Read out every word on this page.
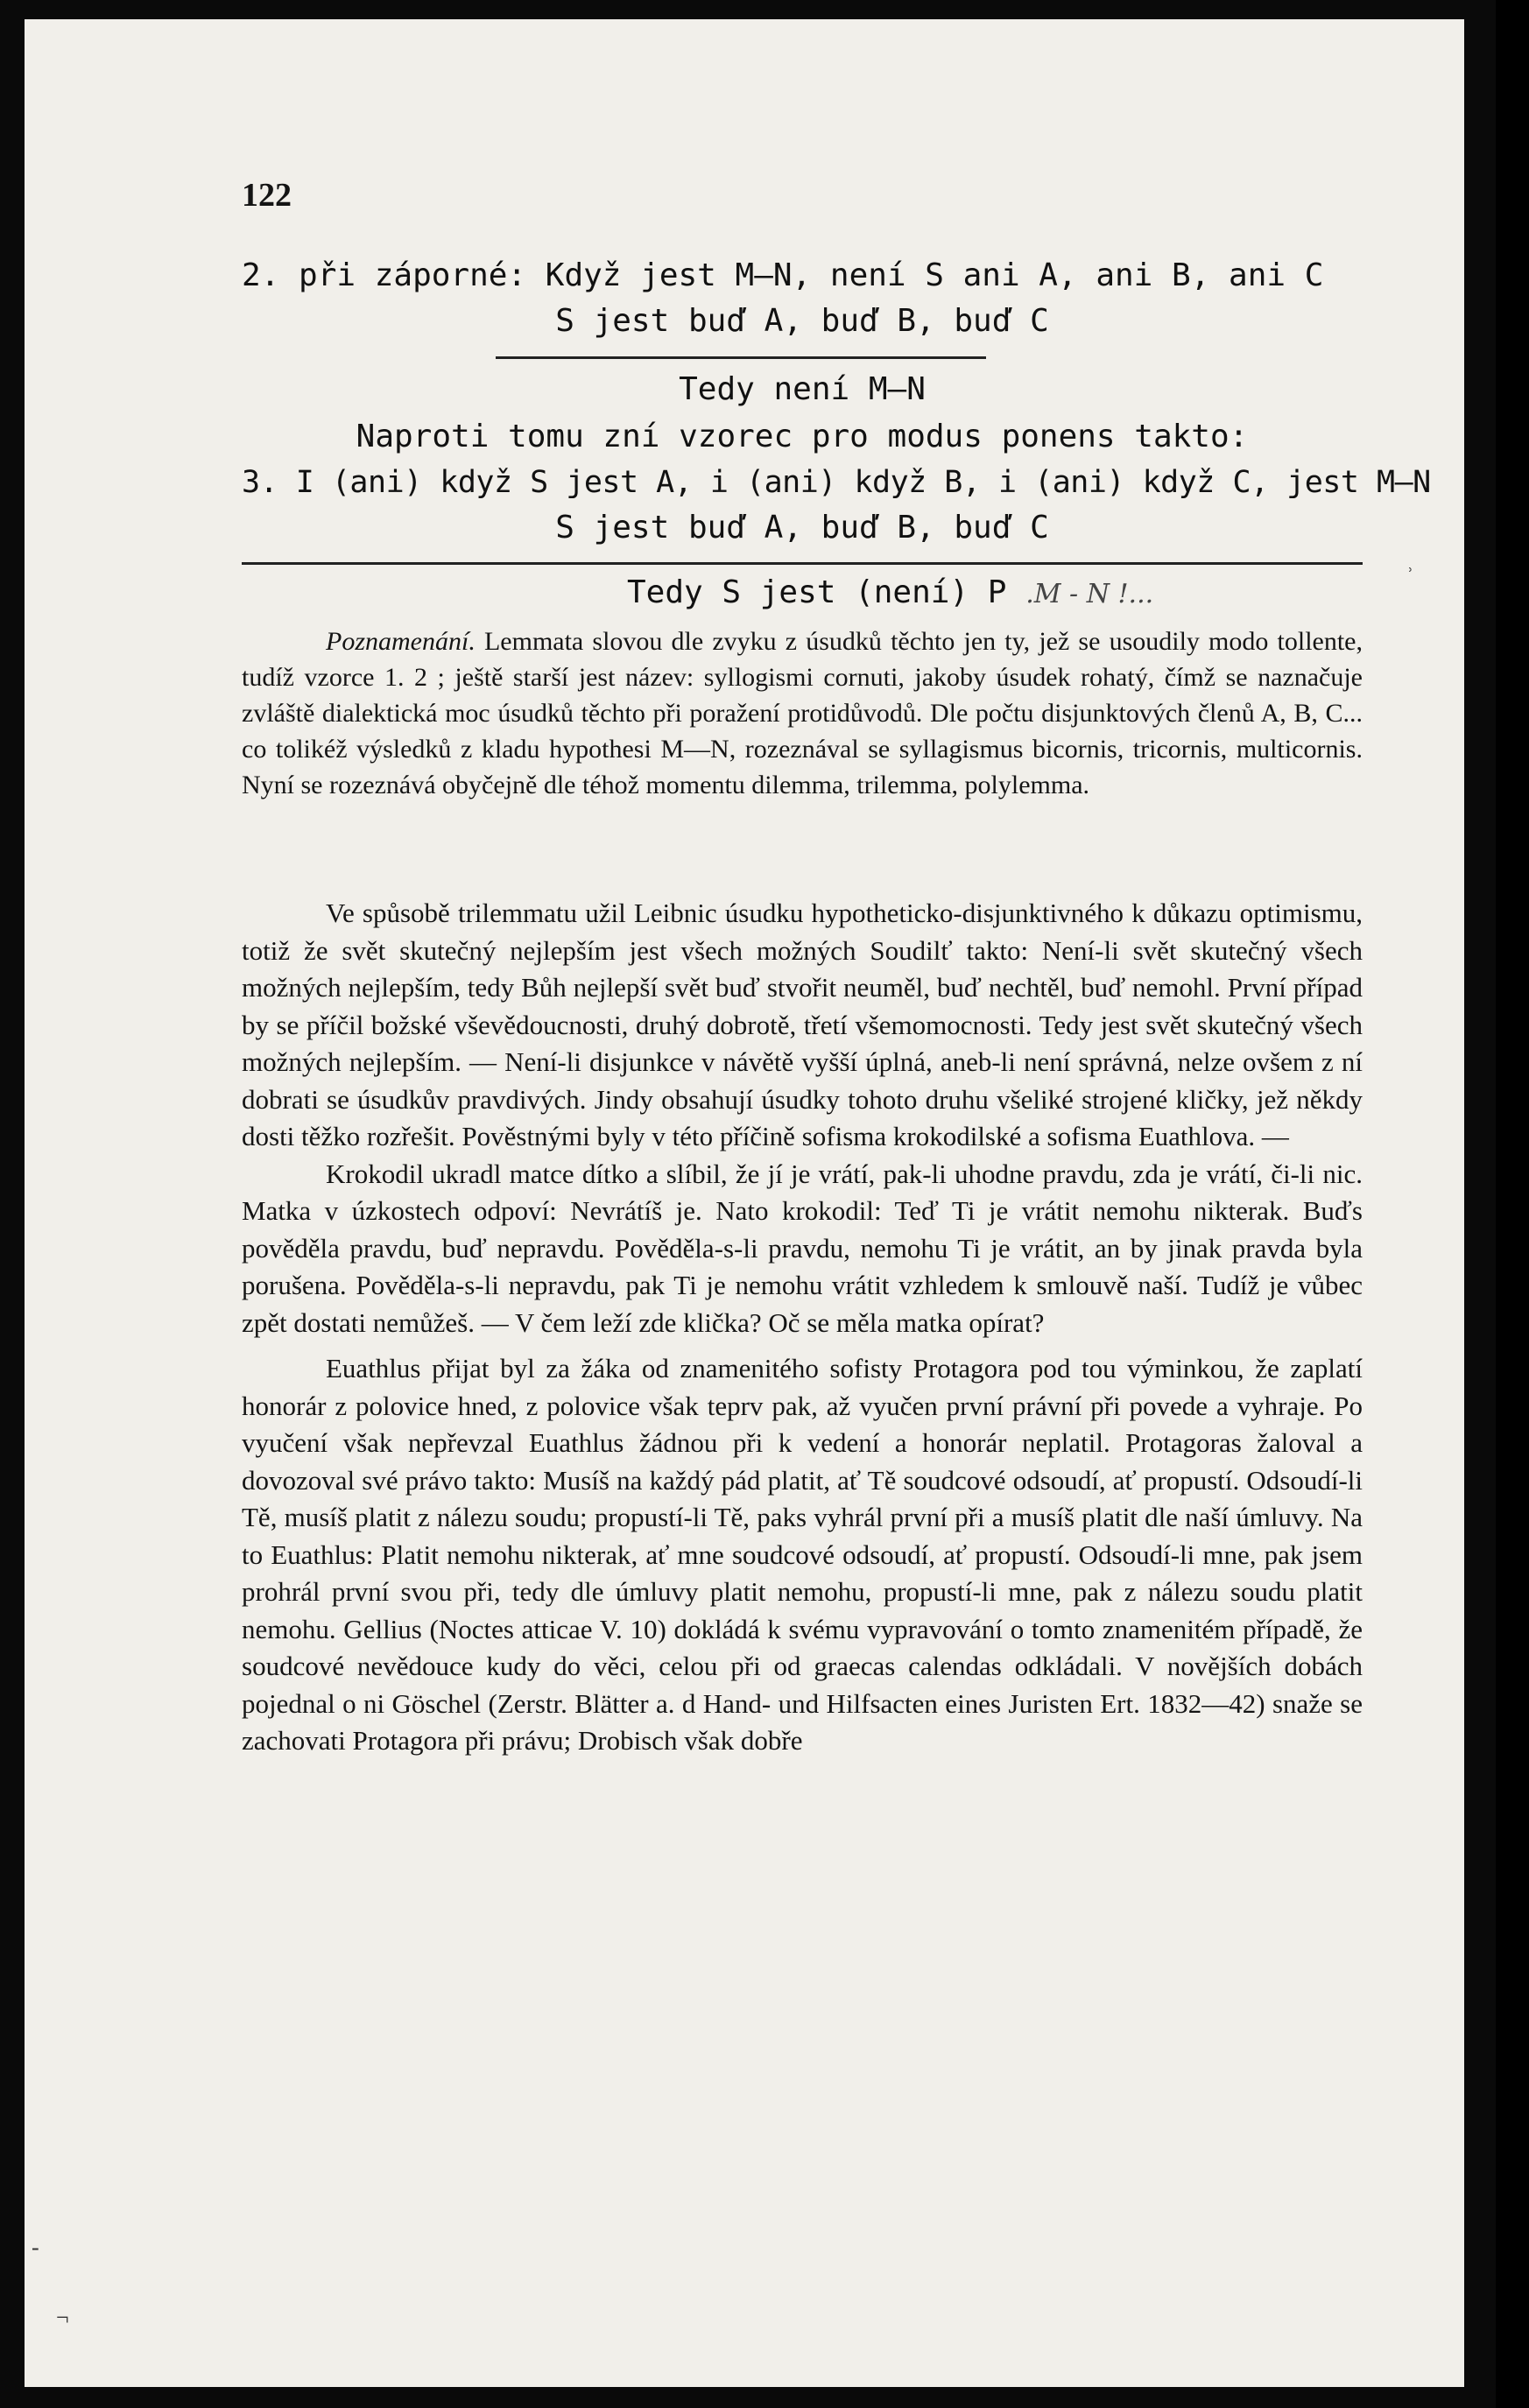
122
2. při záporné: Když jest M—N, není S ani A, ani B, ani C
S jest buď A, buď B, buď C
Tedy není M—N
Naproti tomu zní vzorec pro modus ponens takto:
3. I (ani) když S jest A, i (ani) když B, i (ani) když C, jest M—N
S jest buď A, buď B, buď C
Tedy S jest (není) P .M - N !...

Poznamenání. Lemmata slovou dle zvyku z úsudků těchto jen ty, jež se usoudily modo tollente, tudíž vzorce 1. 2 ; ještě starší jest název: syllogismi cornuti, jakoby úsudek rohatý, čímž se naznačuje zvláště dialektická moc úsudků těchto při poražení protidůvodů. Dle počtu disjunktových členů A, B, C... co tolikéž výsledků z kladu hypothesi M—N, rozeznával se syllagismus bicornis, tricornis, multicornis. Nyní se rozeznává obyčejně dle téhož momentu dilemma, trilemma, polylemma.

Ve spůsobě trilemmatu užil Leibnic úsudku hypotheticko-disjunktivného k důkazu optimismu, totiž že svět skutečný nejlepším jest všech možných Soudilť takto: Není-li svět skutečný všech možných nejlepším, tedy Bůh nejlepší svět buď stvořit neuměl, buď nechtěl, buď nemohl. První případ by se příčil božské vševědoucnosti, druhý dobrotě, třetí všemomocnosti. Tedy jest svět skutečný všech možných nejlepším. — Není-li disjunkce v návětě vyšší úplná, aneb-li není správná, nelze ovšem z ní dobrati se úsudkův pravdivých. Jindy obsahují úsudky tohoto druhu všeliké strojené kličky, jež někdy dosti těžko rozřešit. Pověstnými byly v této příčině sofisma krokodilské a sofisma Euathlova. —

Krokodil ukradl matce dítko a slíbil, že jí je vrátí, pak-li uhodne pravdu, zda je vrátí, či-li nic. Matka v úzkostech odpoví: Nevrátíš je. Nato krokodil: Teď Ti je vrátit nemohu nikterak. Buďs pověděla pravdu, buď nepravdu. Pověděla-s-li pravdu, nemohu Ti je vrátit, an by jinak pravda byla porušena. Pověděla-s-li nepravdu, pak Ti je nemohu vrátit vzhledem k smlouvě naší. Tudíž je vůbec zpět dostati nemůžeš. — V čem leží zde klička? Oč se měla matka opírat?

Euathlus přijat byl za žáka od znamenitého sofisty Protagora pod tou výminkou, že zaplatí honorár z polovice hned, z polovice však teprv pak, až vyučen první právní při povede a vyhraje. Po vyučení však nepřevzal Euathlus žádnou při k vedení a honorár neplatil. Protagoras žaloval a dovozoval své právo takto: Musíš na každý pád platit, ať Tě soudcové odsoudí, ať propustí. Odsoudí-li Tě, musíš platit z nálezu soudu; propustí-li Tě, paks vyhrál první při a musíš platit dle naší úmluvy. Na to Euathlus: Platit nemohu nikterak, ať mne soudcové odsoudí, ať propustí. Odsoudí-li mne, pak jsem prohrál první svou při, tedy dle úmluvy platit nemohu, propustí-li mne, pak z nálezu soudu platit nemohu. Gellius (Noctes atticae V. 10) dokládá k svému vypravování o tomto znamenitém případě, že soudcové nevědouce kudy do věci, celou při od graecas calendas odkládali. V novějších dobách pojednal o ni Göschel (Zerstr. Blätter a. d Hand- und Hilfsacten eines Juristen Ert. 1832—42) snaže se zachovati Protagora při právu; Drobisch však dobře

ʾ
-
¬
